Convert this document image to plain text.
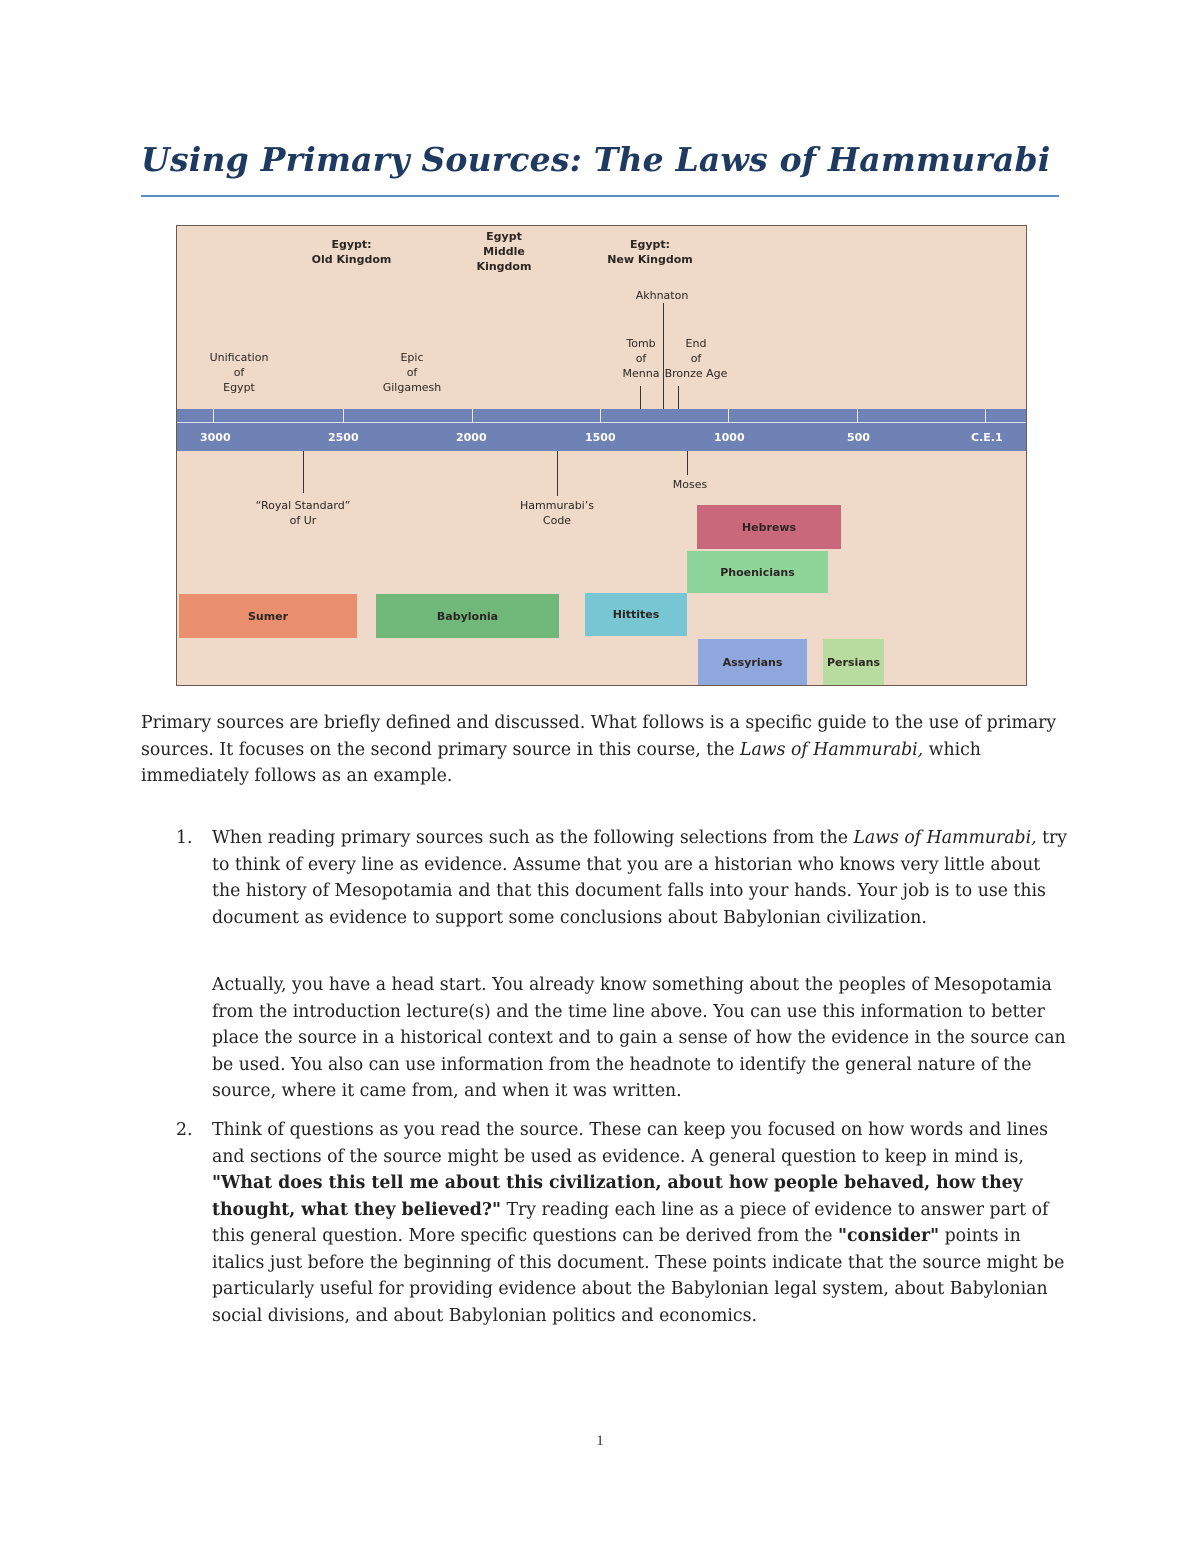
Using Primary Sources: The Laws of Hammurabi
Egypt:
Old Kingdom
Egypt
Middle
Kingdom
Egypt:
New Kingdom
Unification
of
Egypt
Epic
of
Gilgamesh
Akhnaton
Tomb
of
Menna
End
of
Bronze Age
3000	2500	2000	1500	1000	500	C.E.1
“Royal Standard”
of Ur
Hammurabi’s
Code
Moses
Hebrews
Phoenicians
Sumer	Babylonia	Hittites
Assyrians	Persians

Primary sources are briefly defined and discussed. What follows is a specific guide to the use of primary sources. It focuses on the second primary source in this course, the Laws of Hammurabi, which immediately follows as an example.

1. When reading primary sources such as the following selections from the Laws of Hammurabi, try to think of every line as evidence. Assume that you are a historian who knows very little about the history of Mesopotamia and that this document falls into your hands. Your job is to use this document as evidence to support some conclusions about Babylonian civilization.

Actually, you have a head start. You already know something about the peoples of Mesopotamia from the introduction lecture(s) and the time line above. You can use this information to better place the source in a historical context and to gain a sense of how the evidence in the source can be used. You also can use information from the headnote to identify the general nature of the source, where it came from, and when it was written.

2. Think of questions as you read the source. These can keep you focused on how words and lines and sections of the source might be used as evidence. A general question to keep in mind is, "What does this tell me about this civilization, about how people behaved, how they thought, what they believed?" Try reading each line as a piece of evidence to answer part of this general question. More specific questions can be derived from the "consider" points in italics just before the beginning of this document. These points indicate that the source might be particularly useful for providing evidence about the Babylonian legal system, about Babylonian social divisions, and about Babylonian politics and economics.

1
